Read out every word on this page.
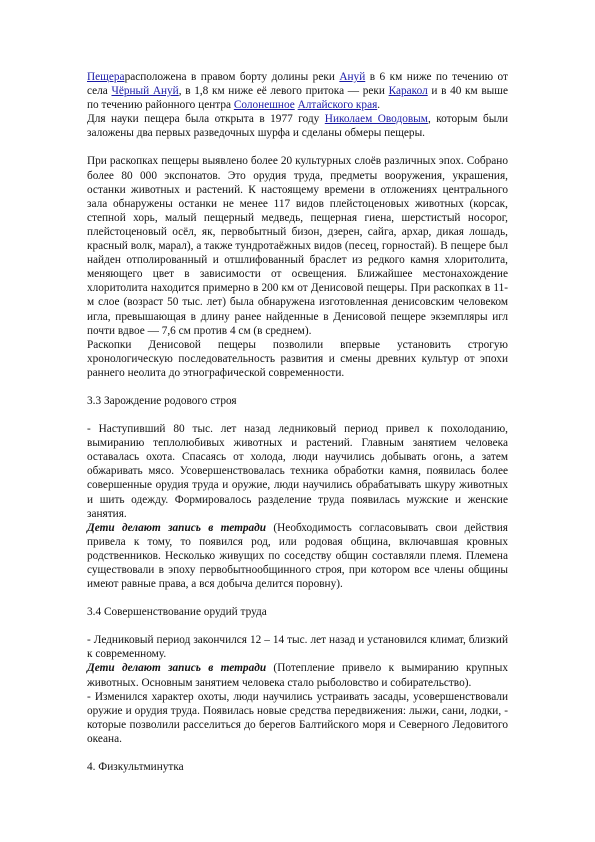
Пещерарасположена в правом борту долины реки Ануй в 6 км ниже по течению от села Чёрный Ануй, в 1,8 км ниже её левого притока — реки Каракол и в 40 км выше по течению районного центра Солонешное Алтайского края.

Для науки пещера была открыта в 1977 году Николаем Оводовым, которым были заложены два первых разведочных шурфа и сделаны обмеры пещеры.

При раскопках пещеры выявлено более 20 культурных слоёв различных эпох. Собрано более 80 000 экспонатов. Это орудия труда, предметы вооружения, украшения, останки животных и растений. К настоящему времени в отложениях центрального зала обнаружены останки не менее 117 видов плейстоценовых животных (корсак, степной хорь, малый пещерный медведь, пещерная гиена, шерстистый носорог, плейстоценовый осёл, як, первобытный бизон, дзерен, сайга, архар, дикая лошадь, красный волк, марал), а также тундротаёжных видов (песец, горностай). В пещере был найден отполированный и отшлифованный браслет из редкого камня хлоритолита, меняющего цвет в зависимости от освещения. Ближайшее местонахождение хлоритолита находится примерно в 200 км от Денисовой пещеры. При раскопках в 11-м слое (возраст 50 тыс. лет) была обнаружена изготовленная денисовским человеком игла, превышающая в длину ранее найденные в Денисовой пещере экземпляры игл почти вдвое — 7,6 см против 4 см (в среднем).

Раскопки Денисовой пещеры позволили впервые установить строгую хронологическую последовательность развития и смены древних культур от эпохи раннего неолита до этнографической современности.

3.3 Зарождение родового строя

- Наступивший 80 тыс. лет назад ледниковый период привел к похолоданию, вымиранию теплолюбивых животных и растений. Главным занятием человека оставалась охота. Спасаясь от холода, люди научились добывать огонь, а затем обжаривать мясо. Усовершенствовалась техника обработки камня, появилась более совершенные орудия труда и оружие, люди научились обрабатывать шкуру животных и шить одежду. Формировалось разделение труда появилась мужские и женские занятия.

Дети делают запись в тетради (Необходимость согласовывать свои действия привела к тому, то появился род, или родовая община, включавшая кровных родственников. Несколько живущих по соседству общин составляли племя. Племена существовали в эпоху первобытнообщинного строя, при котором все члены общины имеют равные права, а вся добыча делится поровну).

3.4 Совершенствование орудий труда

- Ледниковый период закончился 12 – 14 тыс. лет назад и установился климат, близкий к современному.

Дети делают запись в тетради (Потепление привело к вымиранию крупных животных. Основным занятием человека стало рыболовство и собирательство).

- Изменился характер охоты, люди научились устраивать засады, усовершенствовали оружие и орудия труда. Появилась новые средства передвижения: лыжи, сани, лодки, - которые позволили расселиться до берегов Балтийского моря и Северного Ледовитого океана.

4. Физкультминутка
